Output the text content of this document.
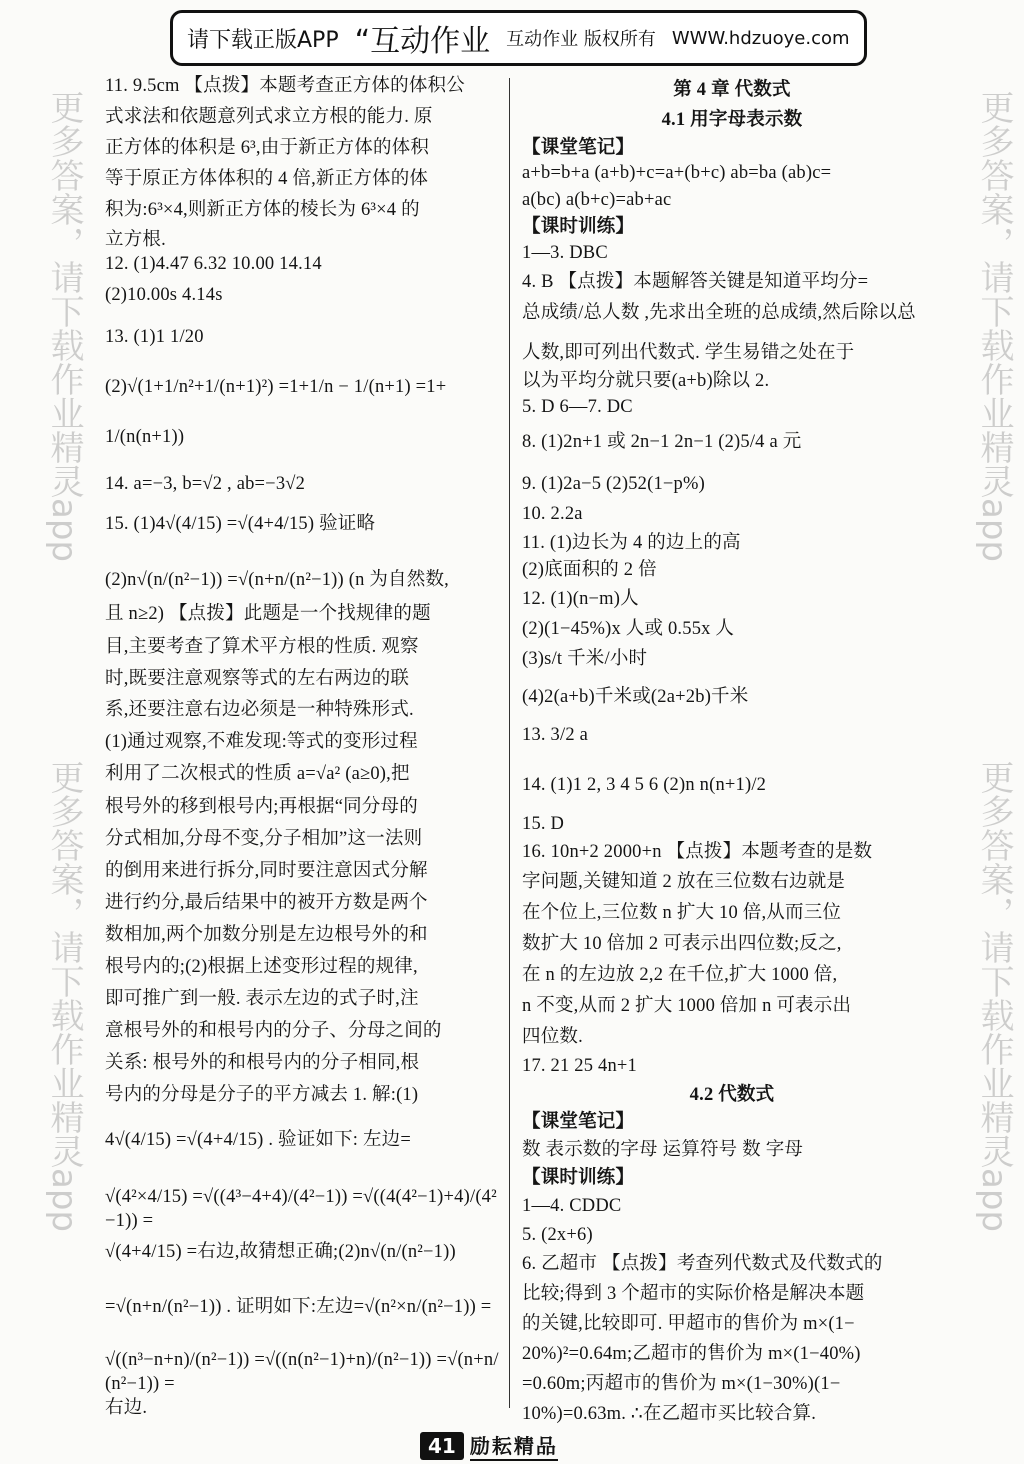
11. 9.5cm 【点拨】本题考查正方体的体积公
式求法和依题意列式求立方根的能力. 原
正方体的体积是 6³,由于新正方体的体积
等于原正方体体积的 4 倍,新正方体的体
积为:6³×4,则新正方体的棱长为 6³×4 的
立方根.
12. (1)4.47 6.32 10.00 14.14
(2)10.00s 4.14s
13. (1)1 1/20
(2)√(1+1/n²+1/(n+1)²) =1+1/n − 1/(n+1) =1+
1/(n(n+1))
14. a=−3, b=√2 , ab=−3√2
15. (1)4√(4/15) =√(4+4/15) 验证略
(2)n√(n/(n²−1)) =√(n+n/(n²−1)) (n 为自然数,
且 n≥2) 【点拨】此题是一个找规律的题
目,主要考查了算术平方根的性质. 观察
时,既要注意观察等式的左右两边的联
系,还要注意右边必须是一种特殊形式.
(1)通过观察,不难发现:等式的变形过程
利用了二次根式的性质 a=√a² (a≥0),把
根号外的移到根号内;再根据“同分母的
分式相加,分母不变,分子相加”这一法则
的倒用来进行拆分,同时要注意因式分解
进行约分,最后结果中的被开方数是两个
数相加,两个加数分别是左边根号外的和
根号内的;(2)根据上述变形过程的规律,
即可推广到一般. 表示左边的式子时,注
意根号外的和根号内的分子、分母之间的
关系: 根号外的和根号内的分子相同,根
号内的分母是分子的平方减去 1. 解:(1)
4√(4/15) =√(4+4/15) . 验证如下: 左边=
√(4²×4/15) =√((4³−4+4)/(4²−1)) =√((4(4²−1)+4)/(4²−1)) =
√(4+4/15) =右边,故猜想正确;(2)n√(n/(n²−1))
=√(n+n/(n²−1)) . 证明如下:左边=√(n²×n/(n²−1)) =
√((n³−n+n)/(n²−1)) =√((n(n²−1)+n)/(n²−1)) =√(n+n/(n²−1)) =
右边.
第 4 章 代数式
4.1 用字母表示数
【课堂笔记】
a+b=b+a (a+b)+c=a+(b+c) ab=ba (ab)c=
a(bc) a(b+c)=ab+ac
【课时训练】
1—3. DBC
4. B 【点拨】本题解答关键是知道平均分=
总成绩/总人数 ,先求出全班的总成绩,然后除以总
人数,即可列出代数式. 学生易错之处在于
以为平均分就只要(a+b)除以 2.
5. D 6—7. DC
8. (1)2n+1 或 2n−1 2n−1 (2)5/4 a 元
9. (1)2a−5 (2)52(1−p%)
10. 2.2a
11. (1)边长为 4 的边上的高
(2)底面积的 2 倍
12. (1)(n−m)人
(2)(1−45%)x 人或 0.55x 人
(3)s/t 千米/小时
(4)2(a+b)千米或(2a+2b)千米
13. 3/2 a
14. (1)1 2, 3 4 5 6 (2)n n(n+1)/2
15. D
16. 10n+2 2000+n 【点拨】本题考查的是数
字问题,关键知道 2 放在三位数右边就是
在个位上,三位数 n 扩大 10 倍,从而三位
数扩大 10 倍加 2 可表示出四位数;反之,
在 n 的左边放 2,2 在千位,扩大 1000 倍,
n 不变,从而 2 扩大 1000 倍加 n 可表示出
四位数.
17. 21 25 4n+1
4.2 代数式
【课堂笔记】
数 表示数的字母 运算符号 数 字母
【课时训练】
1—4. CDDC
5. (2x+6)
6. 乙超市 【点拨】考查列代数式及代数式的
比较;得到 3 个超市的实际价格是解决本题
的关键,比较即可. 甲超市的售价为 m×(1−
20%)²=0.64m;乙超市的售价为 m×(1−40%)
=0.60m;丙超市的售价为 m×(1−30%)(1−
10%)=0.63m. ∴在乙超市买比较合算.
更多答案，请下载作业精灵app
更多答案，请下载作业精灵app
更多答案，请下载作业精灵app
更多答案，请下载作业精灵app
请下载正版APP “互动作业 互动作业 版权所有 WWW.hdzuoye.com
41 励耘精品
